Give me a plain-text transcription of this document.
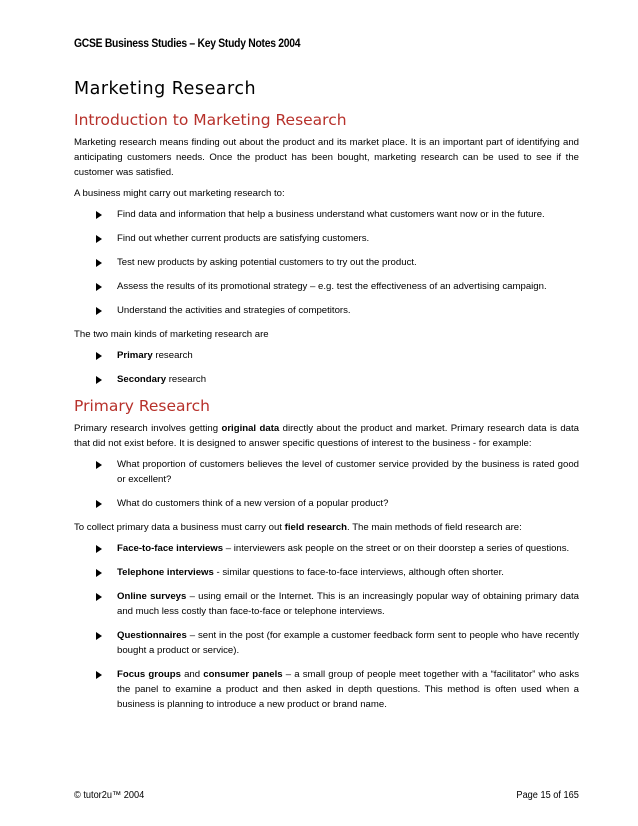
GCSE Business Studies – Key Study Notes 2004
Marketing Research
Introduction to Marketing Research

Marketing research means finding out about the product and its market place. It is an important part of identifying and anticipating customers needs. Once the product has been bought, marketing research can be used to see if the customer was satisfied.

A business might carry out marketing research to:

Find data and information that help a business understand what customers want now or in the future.
Find out whether current products are satisfying customers.
Test new products by asking potential customers to try out the product.
Assess the results of its promotional strategy – e.g. test the effectiveness of an advertising campaign.
Understand the activities and strategies of competitors.

The two main kinds of marketing research are

Primary research
Secondary research
Primary Research

Primary research involves getting original data directly about the product and market. Primary research data is data that did not exist before. It is designed to answer specific questions of interest to the business - for example:

What proportion of customers believes the level of customer service provided by the business is rated good or excellent?
What do customers think of a new version of a popular product?

To collect primary data a business must carry out field research. The main methods of field research are:

Face-to-face interviews – interviewers ask people on the street or on their doorstep a series of questions.
Telephone interviews - similar questions to face-to-face interviews, although often shorter.
Online surveys – using email or the Internet. This is an increasingly popular way of obtaining primary data and much less costly than face-to-face or telephone interviews.
Questionnaires – sent in the post (for example a customer feedback form sent to people who have recently bought a product or service).
Focus groups and consumer panels – a small group of people meet together with a “facilitator” who asks the panel to examine a product and then asked in depth questions. This method is often used when a business is planning to introduce a new product or brand name.
© tutor2u™ 2004	Page 15 of 165
